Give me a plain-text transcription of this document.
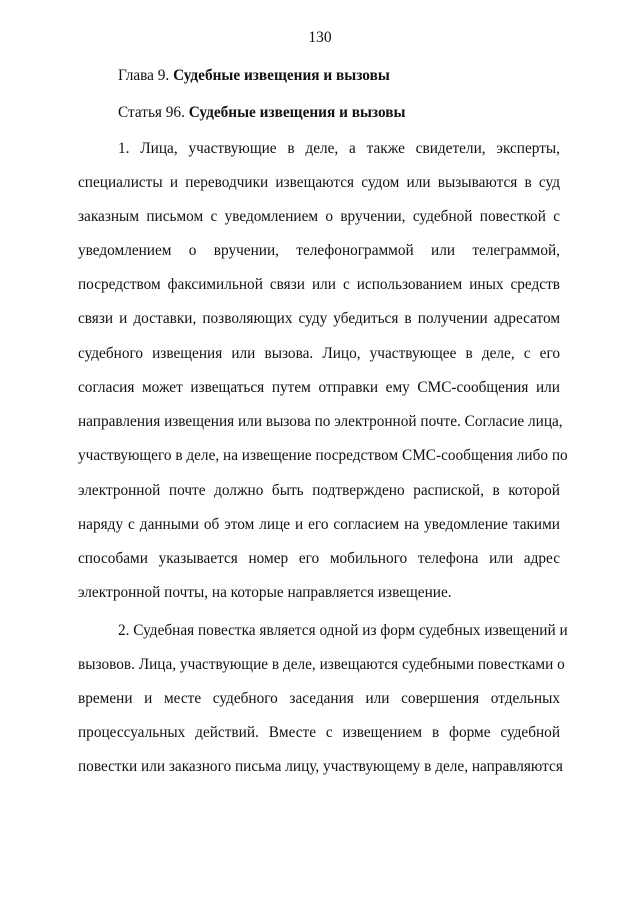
130
Глава 9. Судебные извещения и вызовы
Статья 96. Судебные извещения и вызовы
1. Лица, участвующие в деле, а также свидетели, эксперты,
специалисты и переводчики извещаются судом или вызываются в суд
заказным письмом с уведомлением о вручении, судебной повесткой с
уведомлением о вручении, телефонограммой или телеграммой,
посредством факсимильной связи или с использованием иных средств
связи и доставки, позволяющих суду убедиться в получении адресатом
судебного извещения или вызова. Лицо, участвующее в деле, с его
согласия может извещаться путем отправки ему СМС-сообщения или
направления извещения или вызова по электронной почте. Согласие лица,
участвующего в деле, на извещение посредством СМС-сообщения либо по
электронной почте должно быть подтверждено распиской, в которой
наряду с данными об этом лице и его согласием на уведомление такими
способами указывается номер его мобильного телефона или адрес
электронной почты, на которые направляется извещение.
2. Судебная повестка является одной из форм судебных извещений и
вызовов. Лица, участвующие в деле, извещаются судебными повестками о
времени и месте судебного заседания или совершения отдельных
процессуальных действий. Вместе с извещением в форме судебной
повестки или заказного письма лицу, участвующему в деле, направляются
